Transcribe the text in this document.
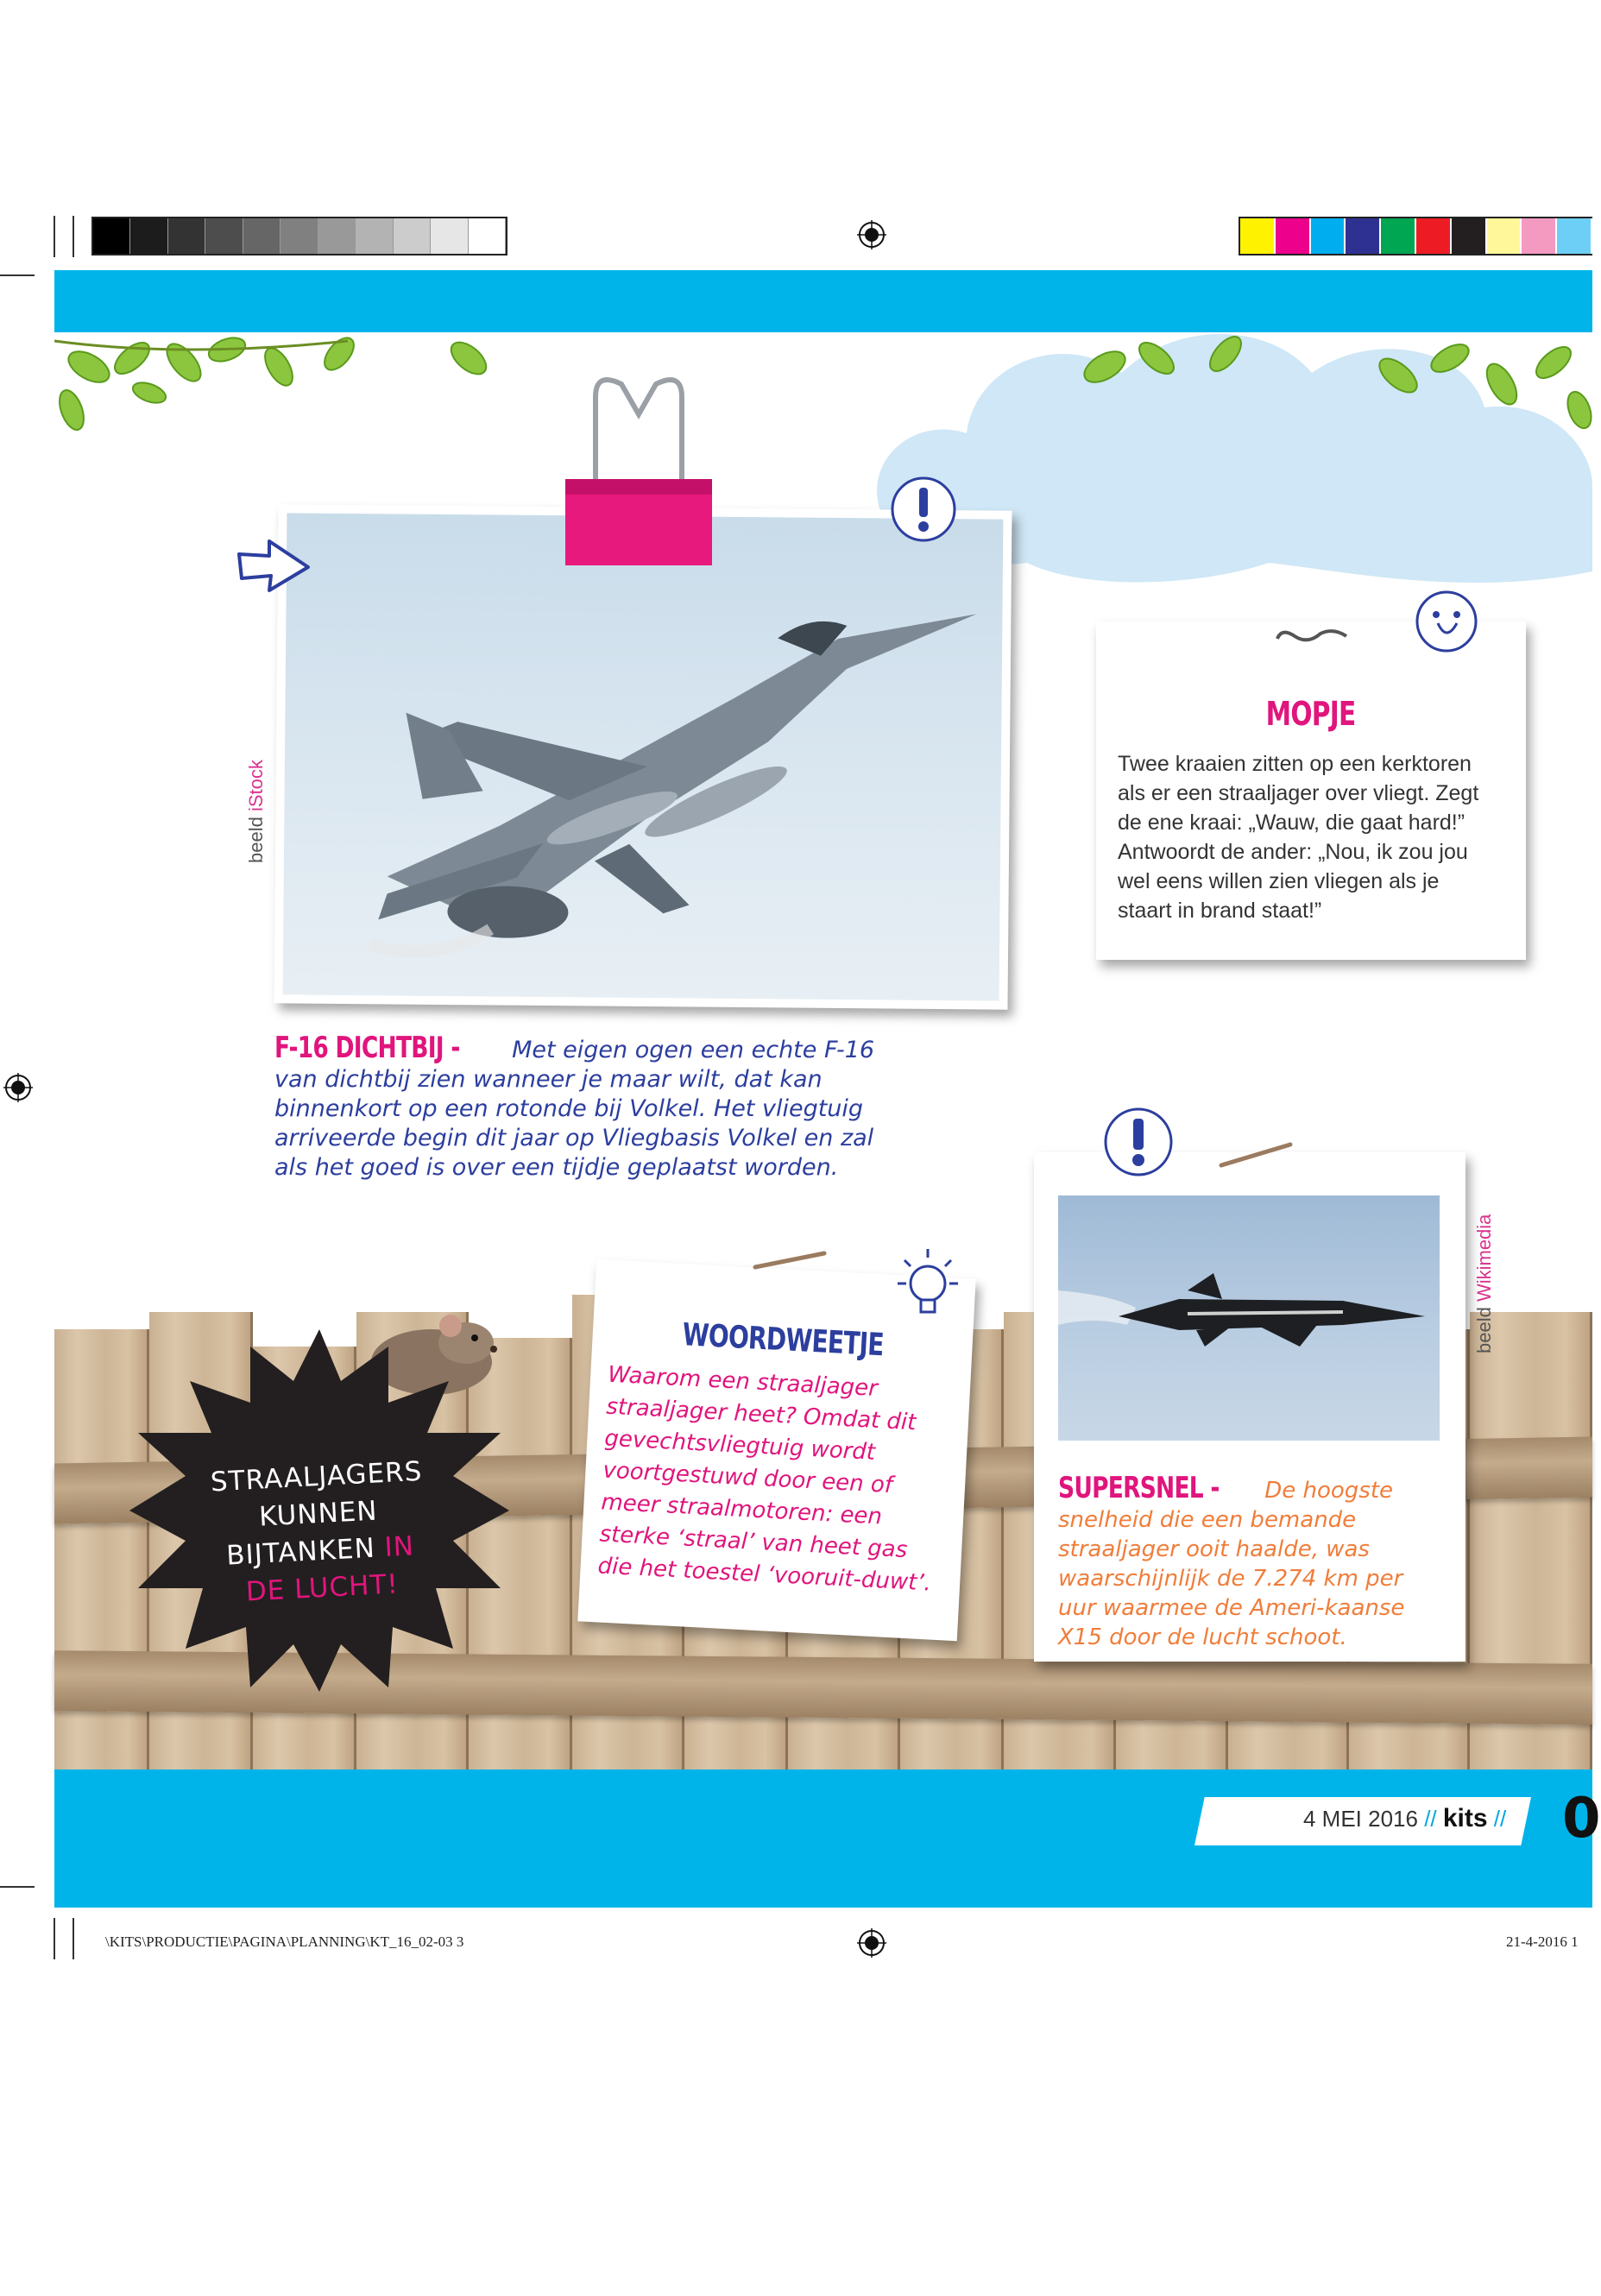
beeld iStock
F-16 DICHTBIJ -Met eigen ogen een echte F-16 van dichtbij zien wanneer je maar wilt, dat kan binnenkort op een rotonde bij Volkel. Het vliegtuig arriveerde begin dit jaar op Vliegbasis Volkel en zal als het goed is over een tijdje geplaatst worden.
MOPJE
Twee kraaien zitten op een kerktoren als er een straaljager over vliegt. Zegt de ene kraai: „Wauw, die gaat hard!” Antwoordt de ander: „Nou, ik zou jou wel eens willen zien vliegen als je staart in brand staat!”
STRAALJAGERS
KUNNEN
BIJTANKEN IN
DE LUCHT!
WOORDWEETJE
Waarom een straaljager straaljager heet? Omdat dit gevechtsvliegtuig wordt voortgestuwd door een of meer straalmotoren: een sterke ‘straal’ van heet gas die het toestel ‘vooruit-duwt’.
SUPERSNEL -De hoogste snelheid die een bemande straaljager ooit haalde, was waarschijnlijk de 7.274 km per uur waarmee de Ameri-kaanse X15 door de lucht schoot.
beeld Wikimedia
4 MEI 2016 // kits // 0
\KITS\PRODUCTIE\PAGINA\PLANNING\KT_16_02-03 3	21-4-2016 1
